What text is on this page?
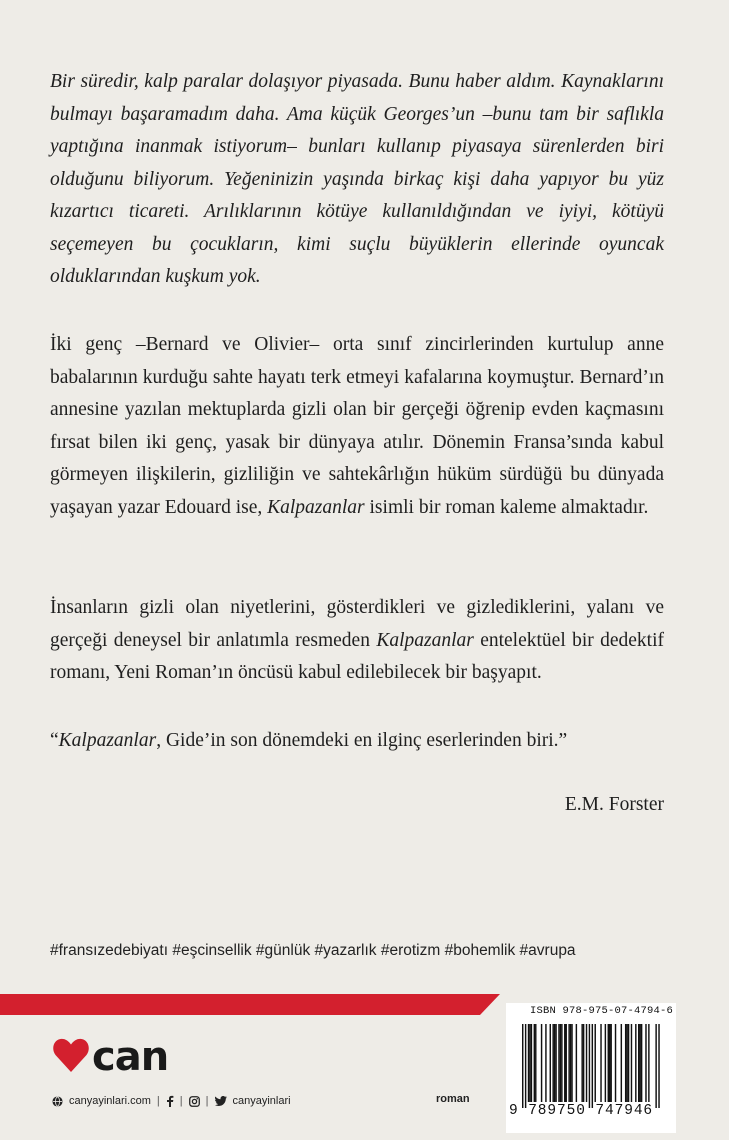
Bir süredir, kalp paralar dolaşıyor piyasada. Bunu haber aldım. Kaynaklarını bulmayı başaramadım daha. Ama küçük Georges’un –bunu tam bir saflıkla yaptığına inanmak istiyorum– bunları kullanıp piyasaya sürenlerden biri olduğunu biliyorum. Yeğeninizin yaşında birkaç kişi daha yapıyor bu yüz kızartıcı ticareti. Arılıklarının kötüye kullanıldığından ve iyiyi, kötüyü seçemeyen bu çocukların, kimi suçlu büyüklerin ellerinde oyuncak olduklarından kuşkum yok.

İki genç –Bernard ve Olivier– orta sınıf zincirlerinden kurtulup anne babalarının kurduğu sahte hayatı terk etmeyi kafalarına koymuştur. Bernard’ın annesine yazılan mektuplarda gizli olan bir gerçeği öğrenip evden kaçmasını fırsat bilen iki genç, yasak bir dünyaya atılır. Dönemin Fransa’sında kabul görmeyen ilişkilerin, gizliliğin ve sahtekârlığın hüküm sürdüğü bu dünyada yaşayan yazar Edouard ise, Kalpazanlar isimli bir roman kaleme almaktadır.

İnsanların gizli olan niyetlerini, gösterdikleri ve gizlediklerini, yalanı ve gerçeği deneysel bir anlatımla resmeden Kalpazanlar entelektüel bir dedektif romanı, Yeni Roman’ın öncüsü kabul edilebilecek bir başyapıt.

“Kalpazanlar, Gide’in son dönemdeki en ilginç eserlerinden biri.”

E.M. Forster

#fransızedebiyatı #eşcinsellik #günlük #yazarlık #erotizm #bohemlik #avrupa
can
canyayinlari.com | | | canyayinlari	roman
ISBN 978-975-07-4794-6
9 789750 747946
